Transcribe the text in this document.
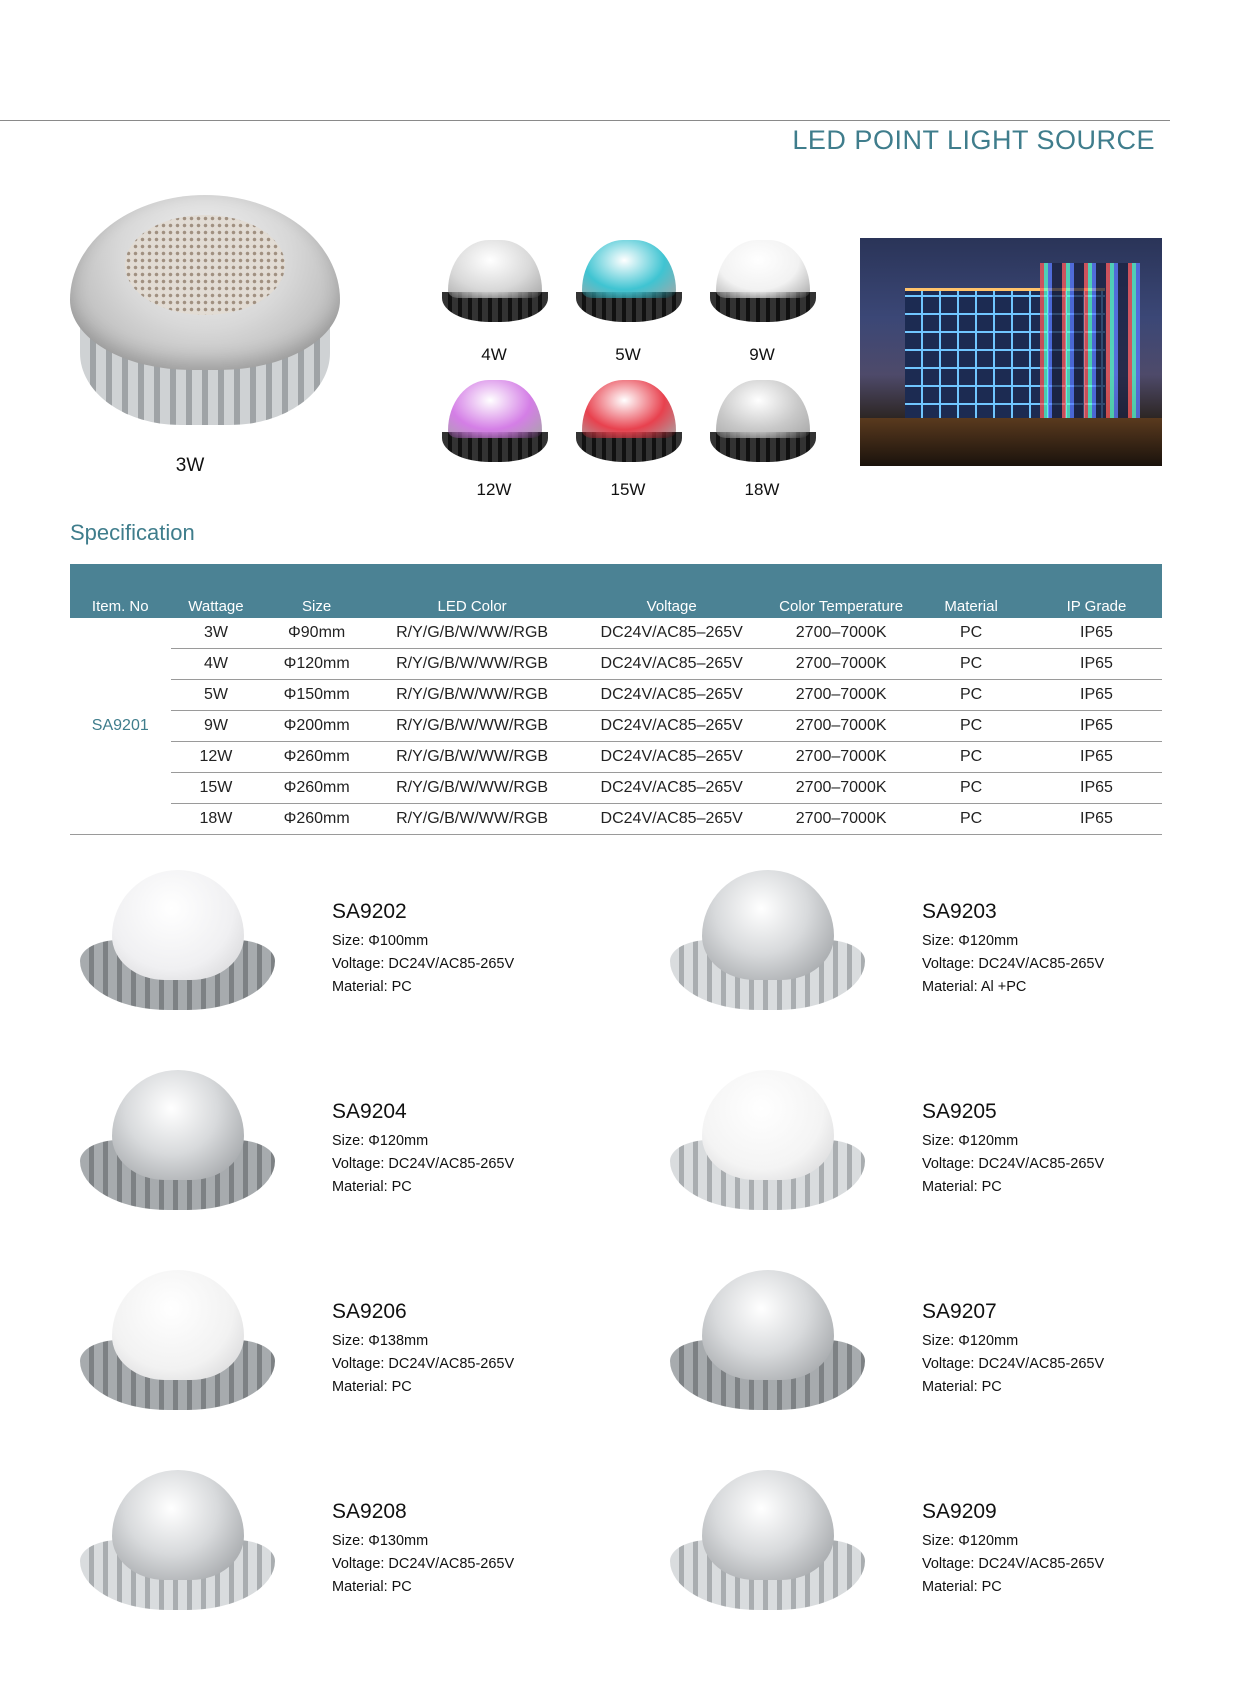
LED POINT LIGHT SOURCE
3W
4W	5W	9W
12W	15W	18W
Specification
Item. No	Wattage	Size	LED Color	Voltage	Color Temperature	Material	IP Grade
SA9201	3W	Φ90mm	R/Y/G/B/W/WW/RGB	DC24V/AC85–265V	2700–7000K	PC	IP65
	4W	Φ120mm	R/Y/G/B/W/WW/RGB	DC24V/AC85–265V	2700–7000K	PC	IP65
	5W	Φ150mm	R/Y/G/B/W/WW/RGB	DC24V/AC85–265V	2700–7000K	PC	IP65
	9W	Φ200mm	R/Y/G/B/W/WW/RGB	DC24V/AC85–265V	2700–7000K	PC	IP65
	12W	Φ260mm	R/Y/G/B/W/WW/RGB	DC24V/AC85–265V	2700–7000K	PC	IP65
	15W	Φ260mm	R/Y/G/B/W/WW/RGB	DC24V/AC85–265V	2700–7000K	PC	IP65
	18W	Φ260mm	R/Y/G/B/W/WW/RGB	DC24V/AC85–265V	2700–7000K	PC	IP65
SA9202
Size: Φ100mm
Voltage: DC24V/AC85-265V
Material: PC
SA9203
Size: Φ120mm
Voltage: DC24V/AC85-265V
Material: Al +PC
SA9204
Size: Φ120mm
Voltage: DC24V/AC85-265V
Material: PC
SA9205
Size: Φ120mm
Voltage: DC24V/AC85-265V
Material: PC
SA9206
Size: Φ138mm
Voltage: DC24V/AC85-265V
Material: PC
SA9207
Size: Φ120mm
Voltage: DC24V/AC85-265V
Material: PC
SA9208
Size: Φ130mm
Voltage: DC24V/AC85-265V
Material: PC
SA9209
Size: Φ120mm
Voltage: DC24V/AC85-265V
Material: PC
